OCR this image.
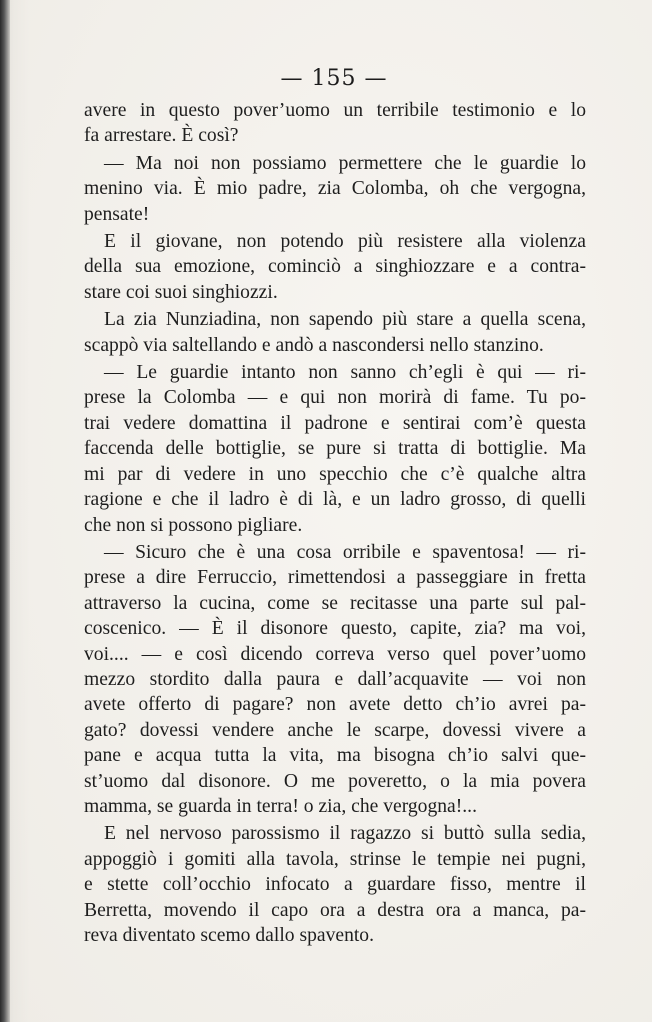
— 155 —
avere in questo pover’uomo un terribile testimonio e lo
fa arrestare. È così?
— Ma noi non possiamo permettere che le guardie lo
menino via. È mio padre, zia Colomba, oh che vergogna,
pensate!
E il giovane, non potendo più resistere alla violenza
della sua emozione, cominciò a singhiozzare e a contra-
stare coi suoi singhiozzi.
La zia Nunziadina, non sapendo più stare a quella scena,
scappò via saltellando e andò a nascondersi nello stanzino.
— Le guardie intanto non sanno ch’egli è qui — ri-
prese la Colomba — e qui non morirà di fame. Tu po-
trai vedere domattina il padrone e sentirai com’è questa
faccenda delle bottiglie, se pure si tratta di bottiglie. Ma
mi par di vedere in uno specchio che c’è qualche altra
ragione e che il ladro è di là, e un ladro grosso, di quelli
che non si possono pigliare.
— Sicuro che è una cosa orribile e spaventosa! — ri-
prese a dire Ferruccio, rimettendosi a passeggiare in fretta
attraverso la cucina, come se recitasse una parte sul pal-
coscenico. — È il disonore questo, capite, zia? ma voi,
voi.... — e così dicendo correva verso quel pover’uomo
mezzo stordito dalla paura e dall’acquavite — voi non
avete offerto di pagare? non avete detto ch’io avrei pa-
gato? dovessi vendere anche le scarpe, dovessi vivere a
pane e acqua tutta la vita, ma bisogna ch’io salvi que-
st’uomo dal disonore. O me poveretto, o la mia povera
mamma, se guarda in terra! o zia, che vergogna!...
E nel nervoso parossismo il ragazzo si buttò sulla sedia,
appoggiò i gomiti alla tavola, strinse le tempie nei pugni,
e stette coll’occhio infocato a guardare fisso, mentre il
Berretta, movendo il capo ora a destra ora a manca, pa-
reva diventato scemo dallo spavento.
